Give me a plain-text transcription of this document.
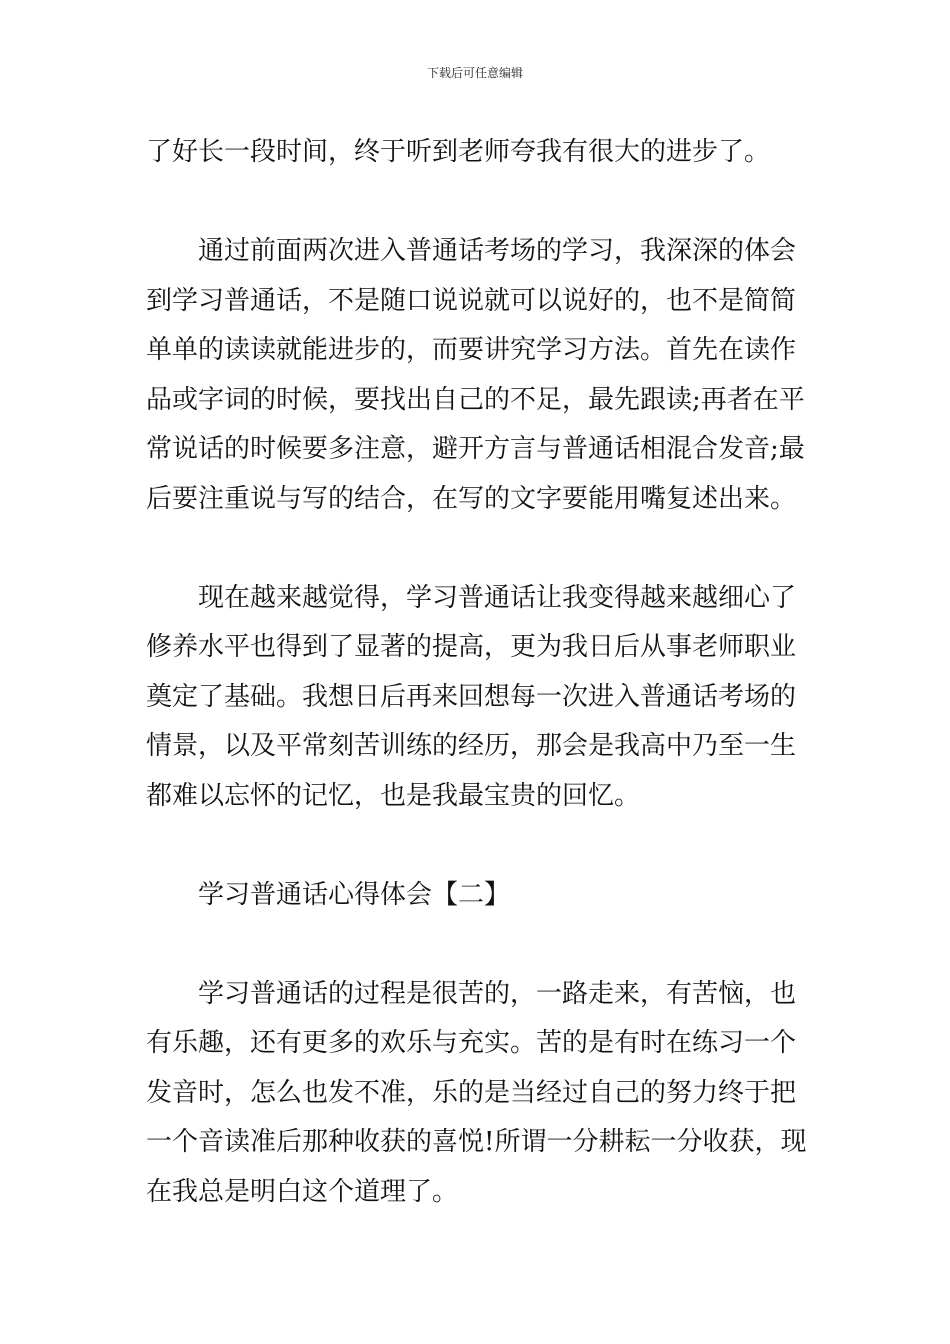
下载后可任意编辑
了好长一段时间，终于听到老师夸我有很大的进步了。
通过前面两次进入普通话考场的学习，我深深的体会
到学习普通话，不是随口说说就可以说好的，也不是简简
单单的读读就能进步的，而要讲究学习方法。首先在读作
品或字词的时候，要找出自己的不足，最先跟读;再者在平
常说话的时候要多注意，避开方言与普通话相混合发音;最
后要注重说与写的结合，在写的文字要能用嘴复述出来。
现在越来越觉得，学习普通话让我变得越来越细心了
修养水平也得到了显著的提高，更为我日后从事老师职业
奠定了基础。我想日后再来回想每一次进入普通话考场的
情景，以及平常刻苦训练的经历，那会是我高中乃至一生
都难以忘怀的记忆，也是我最宝贵的回忆。
学习普通话心得体会【二】
学习普通话的过程是很苦的，一路走来，有苦恼，也
有乐趣，还有更多的欢乐与充实。苦的是有时在练习一个
发音时，怎么也发不准，乐的是当经过自己的努力终于把
一个音读准后那种收获的喜悦!所谓一分耕耘一分收获，现
在我总是明白这个道理了。
